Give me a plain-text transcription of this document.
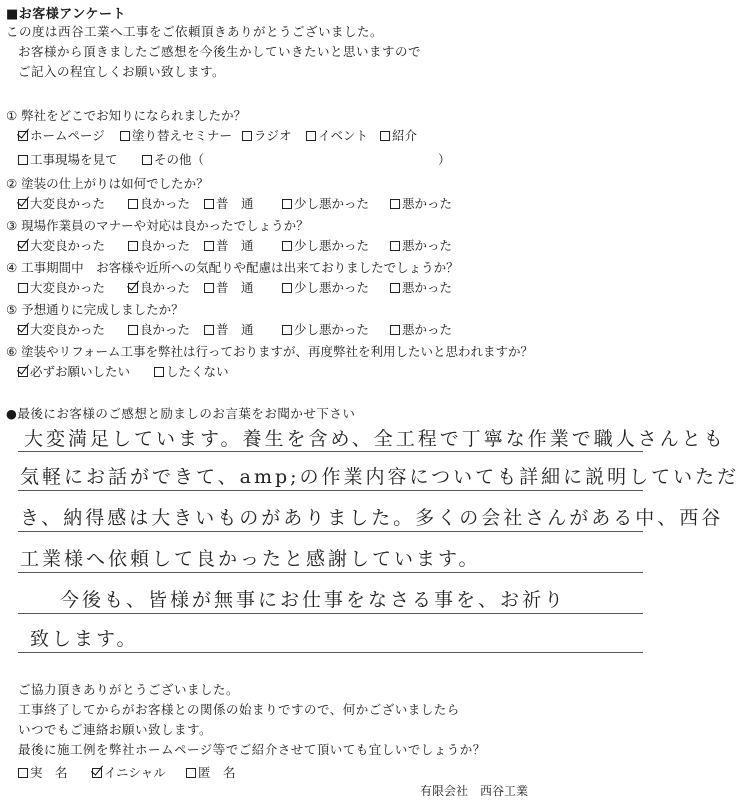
■お客様アンケート
この度は西谷工業へ工事をご依頼頂きありがとうございました。
お客様から頂きましたご感想を今後生かしていきたいと思いますので
ご記入の程宜しくお願い致します。
① 弊社をどこでお知りになられましたか？
ホームページ	塗り替えセミナー	ラジオ	イベント	紹介
工事現場を見て	その他（	）
② 塗装の仕上がりは如何でしたか？
大変良かった	良かった	普　通	少し悪かった	悪かった
③ 現場作業員のマナーや対応は良かったでしょうか？
大変良かった	良かった	普　通	少し悪かった	悪かった
④ 工事期間中　お客様や近所への気配りや配慮は出来ておりましたでしょうか？
大変良かった	良かった	普　通	少し悪かった	悪かった
⑤ 予想通りに完成しましたか？
大変良かった	良かった	普　通	少し悪かった	悪かった
⑥ 塗装やリフォーム工事を弊社は行っておりますが、再度弊社を利用したいと思われますか？
必ずお願いしたい	したくない
●最後にお客様のご感想と励ましのお言葉をお聞かせ下さい
大変満足しています。養生を含め、全工程で丁寧な作業で職人さんとも
気軽にお話ができて、amp;の作業内容についても詳細に説明していただ
き、納得感は大きいものがありました。多くの会社さんがある中、西谷
工業様へ依頼して良かったと感謝しています。
今後も、皆様が無事にお仕事をなさる事を、お祈り
致します。
ご協力頂きありがとうございました。
工事終了してからがお客様との関係の始まりですので、何かございましたら
いつでもご連絡お願い致します。
最後に施工例を弊社ホームページ等でご紹介させて頂いても宜しいでしょうか？
実　名	イニシャル	匿　名
有限会社　西谷工業
